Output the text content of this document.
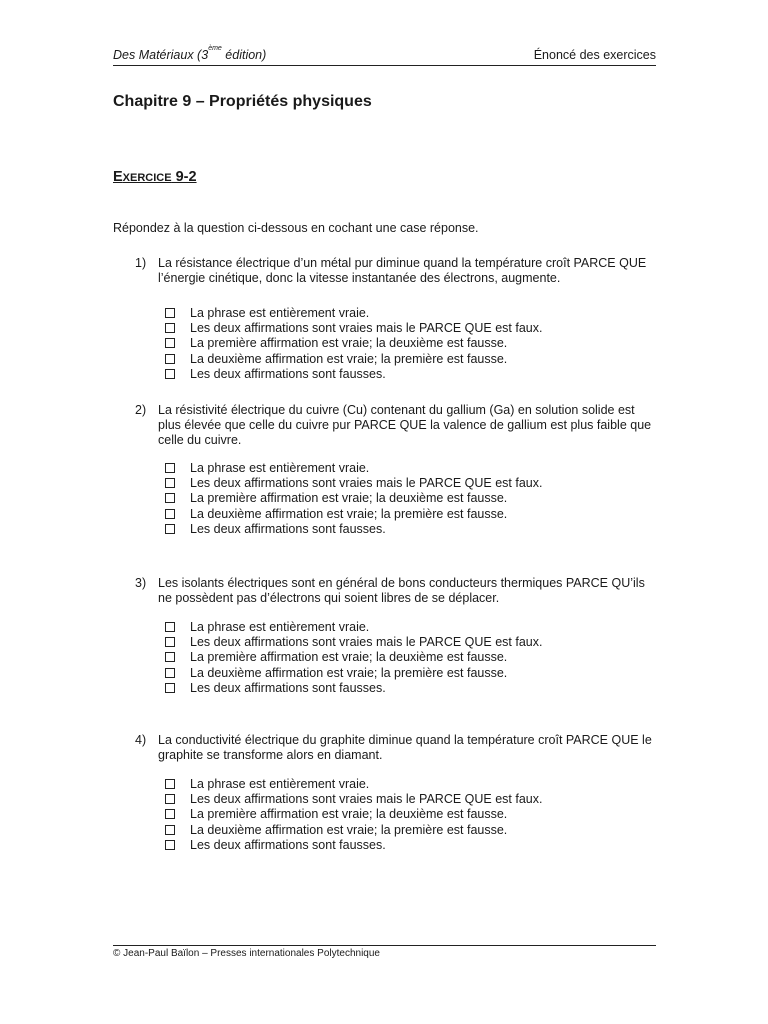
Des Matériaux (3ème édition)	Énoncé des exercices
Chapitre 9 – Propriétés physiques
EXERCICE 9-2
Répondez à la question ci-dessous en cochant une case réponse.
1) La résistance électrique d’un métal pur diminue quand la température croît PARCE QUE l’énergie cinétique, donc la vitesse instantanée des électrons, augmente.
La phrase est entièrement vraie.
Les deux affirmations sont vraies mais le PARCE QUE est faux.
La première affirmation est vraie; la deuxième est fausse.
La deuxième affirmation est vraie; la première est fausse.
Les deux affirmations sont fausses.
2) La résistivité électrique du cuivre (Cu) contenant du gallium (Ga) en solution solide est plus élevée que celle du cuivre pur PARCE QUE la valence de gallium est plus faible que celle du cuivre.
La phrase est entièrement vraie.
Les deux affirmations sont vraies mais le PARCE QUE est faux.
La première affirmation est vraie; la deuxième est fausse.
La deuxième affirmation est vraie; la première est fausse.
Les deux affirmations sont fausses.
3) Les isolants électriques sont en général de bons conducteurs thermiques PARCE QU’ils ne possèdent pas d’électrons qui soient libres de se déplacer.
La phrase est entièrement vraie.
Les deux affirmations sont vraies mais le PARCE QUE est faux.
La première affirmation est vraie; la deuxième est fausse.
La deuxième affirmation est vraie; la première est fausse.
Les deux affirmations sont fausses.
4) La conductivité électrique du graphite diminue quand la température croît PARCE QUE le graphite se transforme alors en diamant.
La phrase est entièrement vraie.
Les deux affirmations sont vraies mais le PARCE QUE est faux.
La première affirmation est vraie; la deuxième est fausse.
La deuxième affirmation est vraie; la première est fausse.
Les deux affirmations sont fausses.
© Jean-Paul Baïlon – Presses internationales Polytechnique
